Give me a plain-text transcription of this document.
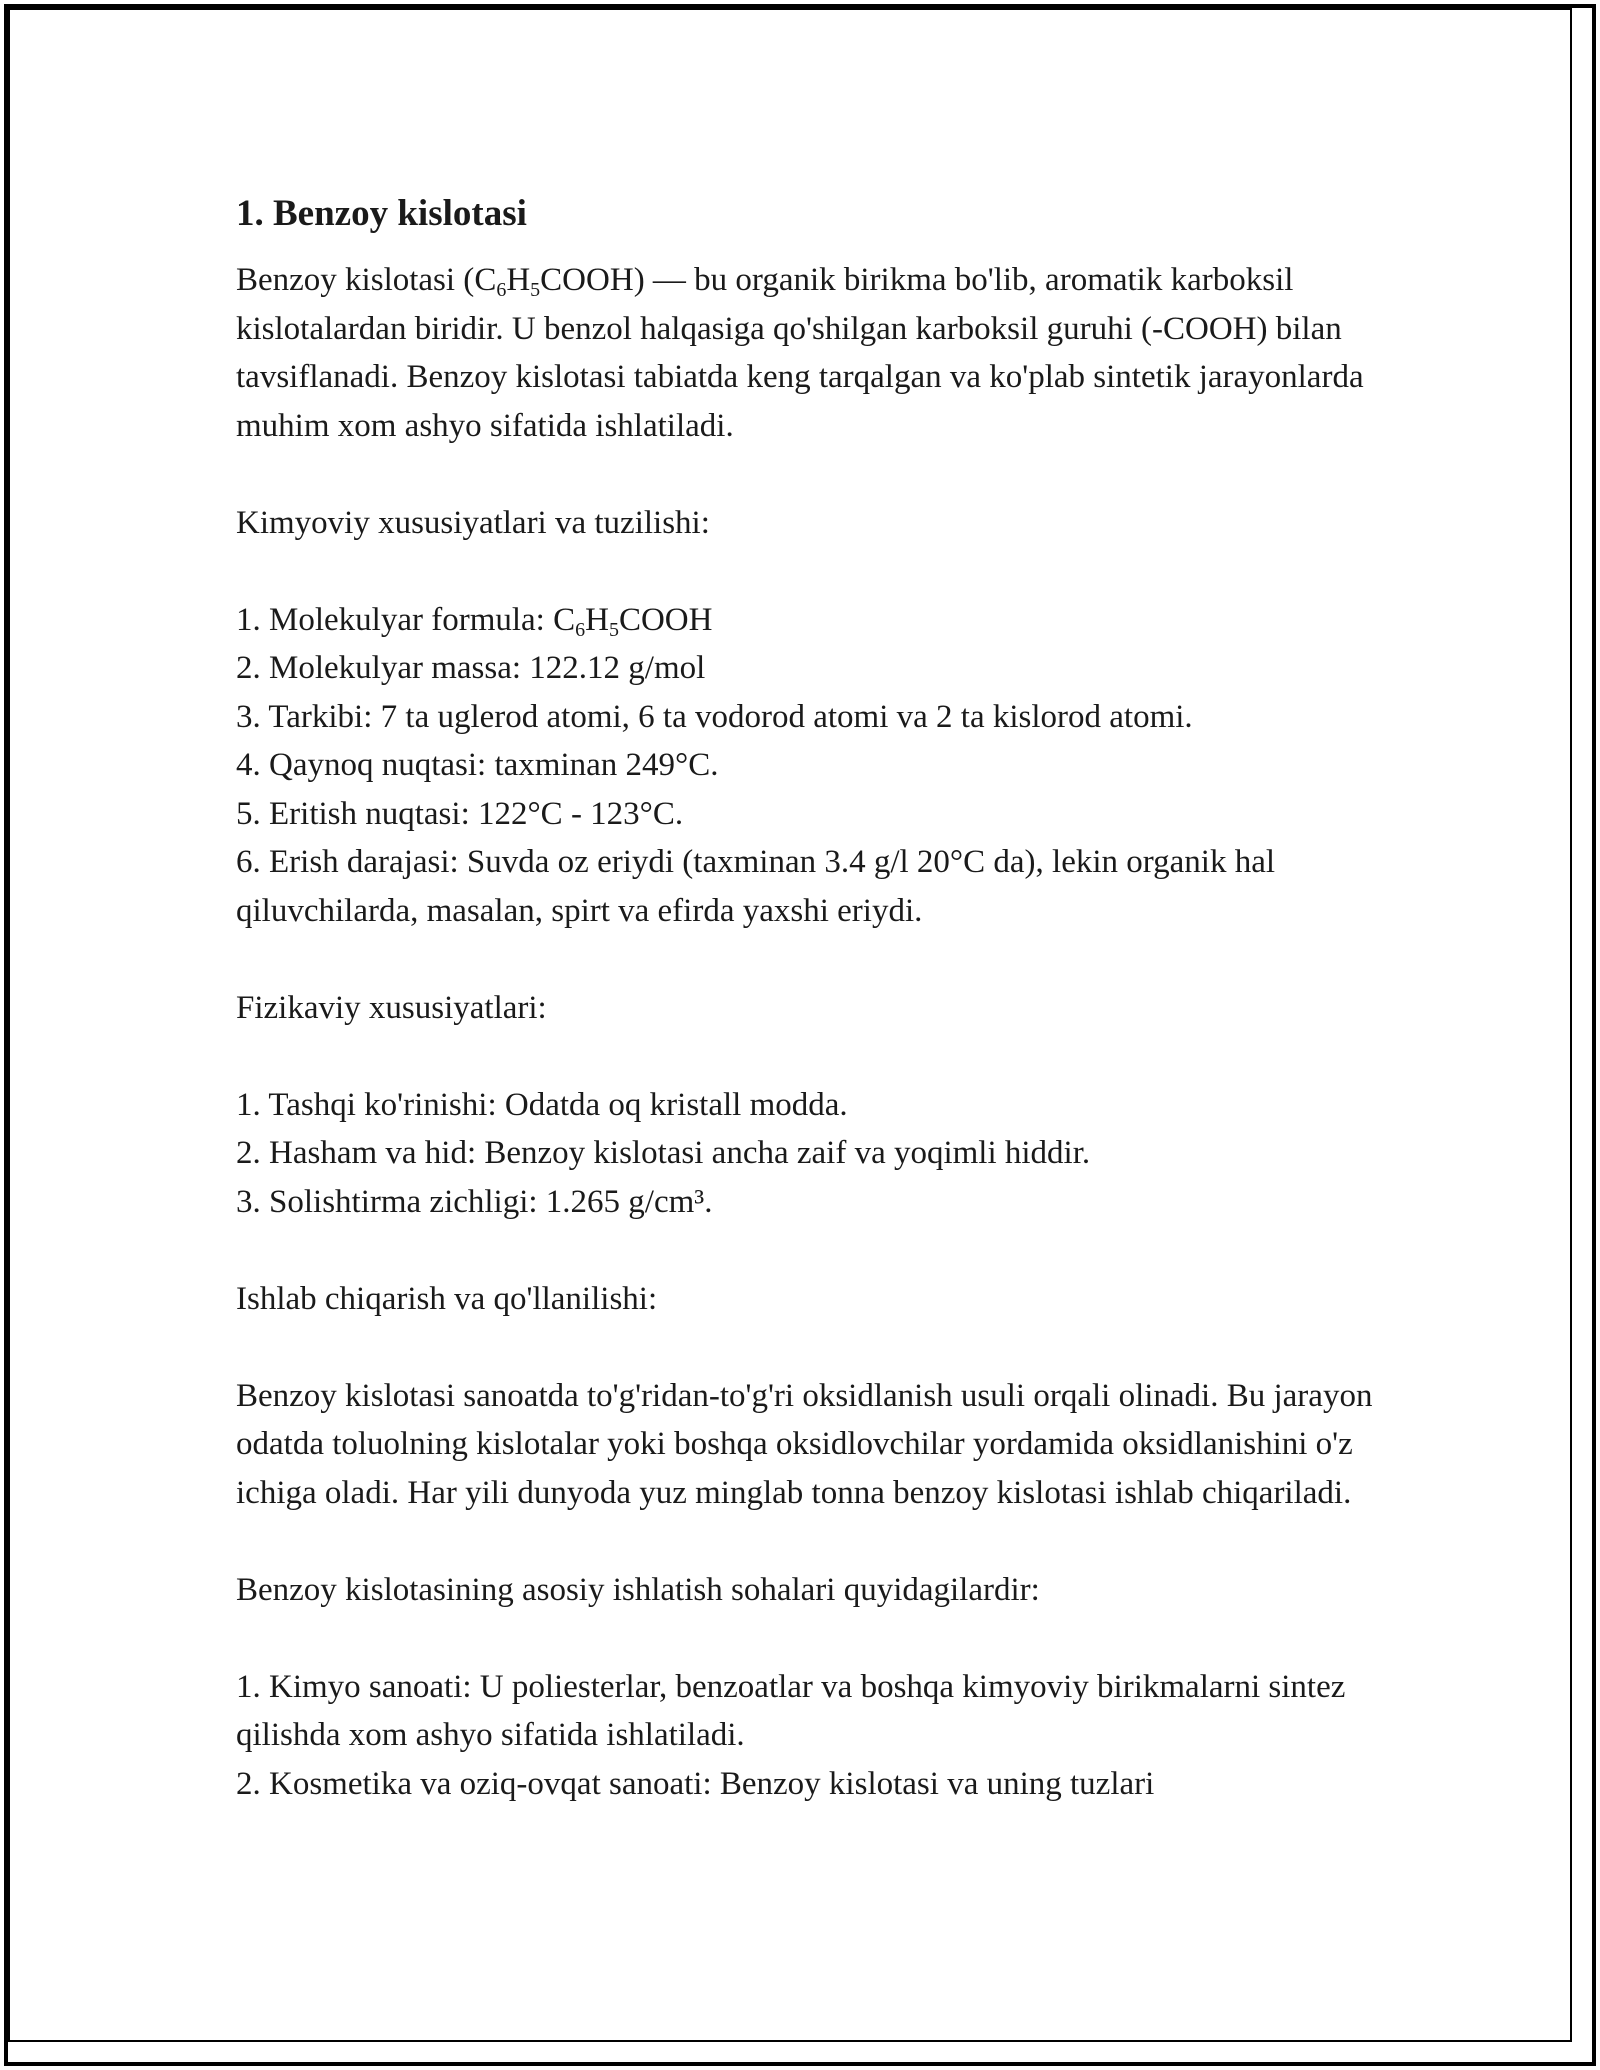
1. Benzoy kislotasi

Benzoy kislotasi $(C_6H_5COOH)$ — bu organik birikma bo'lib, aromatik karboksil kislotalardan biridir. U benzol halqasiga qo'shilgan karboksil guruhi (-COOH) bilan tavsiflanadi. Benzoy kislotasi tabiatda keng tarqalgan va ko'plab sintetik jarayonlarda muhim xom ashyo sifatida ishlatiladi.

Kimyoviy xususiyatlari va tuzilishi:

1. Molekulyar formula: $C_6H_5COOH$
2. Molekulyar massa: 122.12 g/mol
3. Tarkibi: 7 ta uglerod atomi, 6 ta vodorod atomi va 2 ta kislorod atomi.
4. Qaynoq nuqtasi: taxminan 249°C.
5. Eritish nuqtasi: 122°C - 123°C.
6. Erish darajasi: Suvda oz eriydi (taxminan 3.4 g/l 20°C da), lekin organik hal qiluvchilarda, masalan, spirt va efirda yaxshi eriydi.

Fizikaviy xususiyatlari:

1. Tashqi ko'rinishi: Odatda oq kristall modda.
2. Hasham va hid: Benzoy kislotasi ancha zaif va yoqimli hiddir.
3. Solishtirma zichligi: 1.265 g/cm³.

Ishlab chiqarish va qo'llanilishi:

Benzoy kislotasi sanoatda to'g'ridan-to'g'ri oksidlanish usuli orqali olinadi. Bu jarayon odatda toluolning kislotalar yoki boshqa oksidlovchilar yordamida oksidlanishini o'z ichiga oladi. Har yili dunyoda yuz minglab tonna benzoy kislotasi ishlab chiqariladi.

Benzoy kislotasining asosiy ishlatish sohalari quyidagilardir:

1. Kimyo sanoati: U poliesterlar, benzoatlar va boshqa kimyoviy birikmalarni sintez qilishda xom ashyo sifatida ishlatiladi.
2. Kosmetika va oziq-ovqat sanoati: Benzoy kislotasi va uning tuzlari
